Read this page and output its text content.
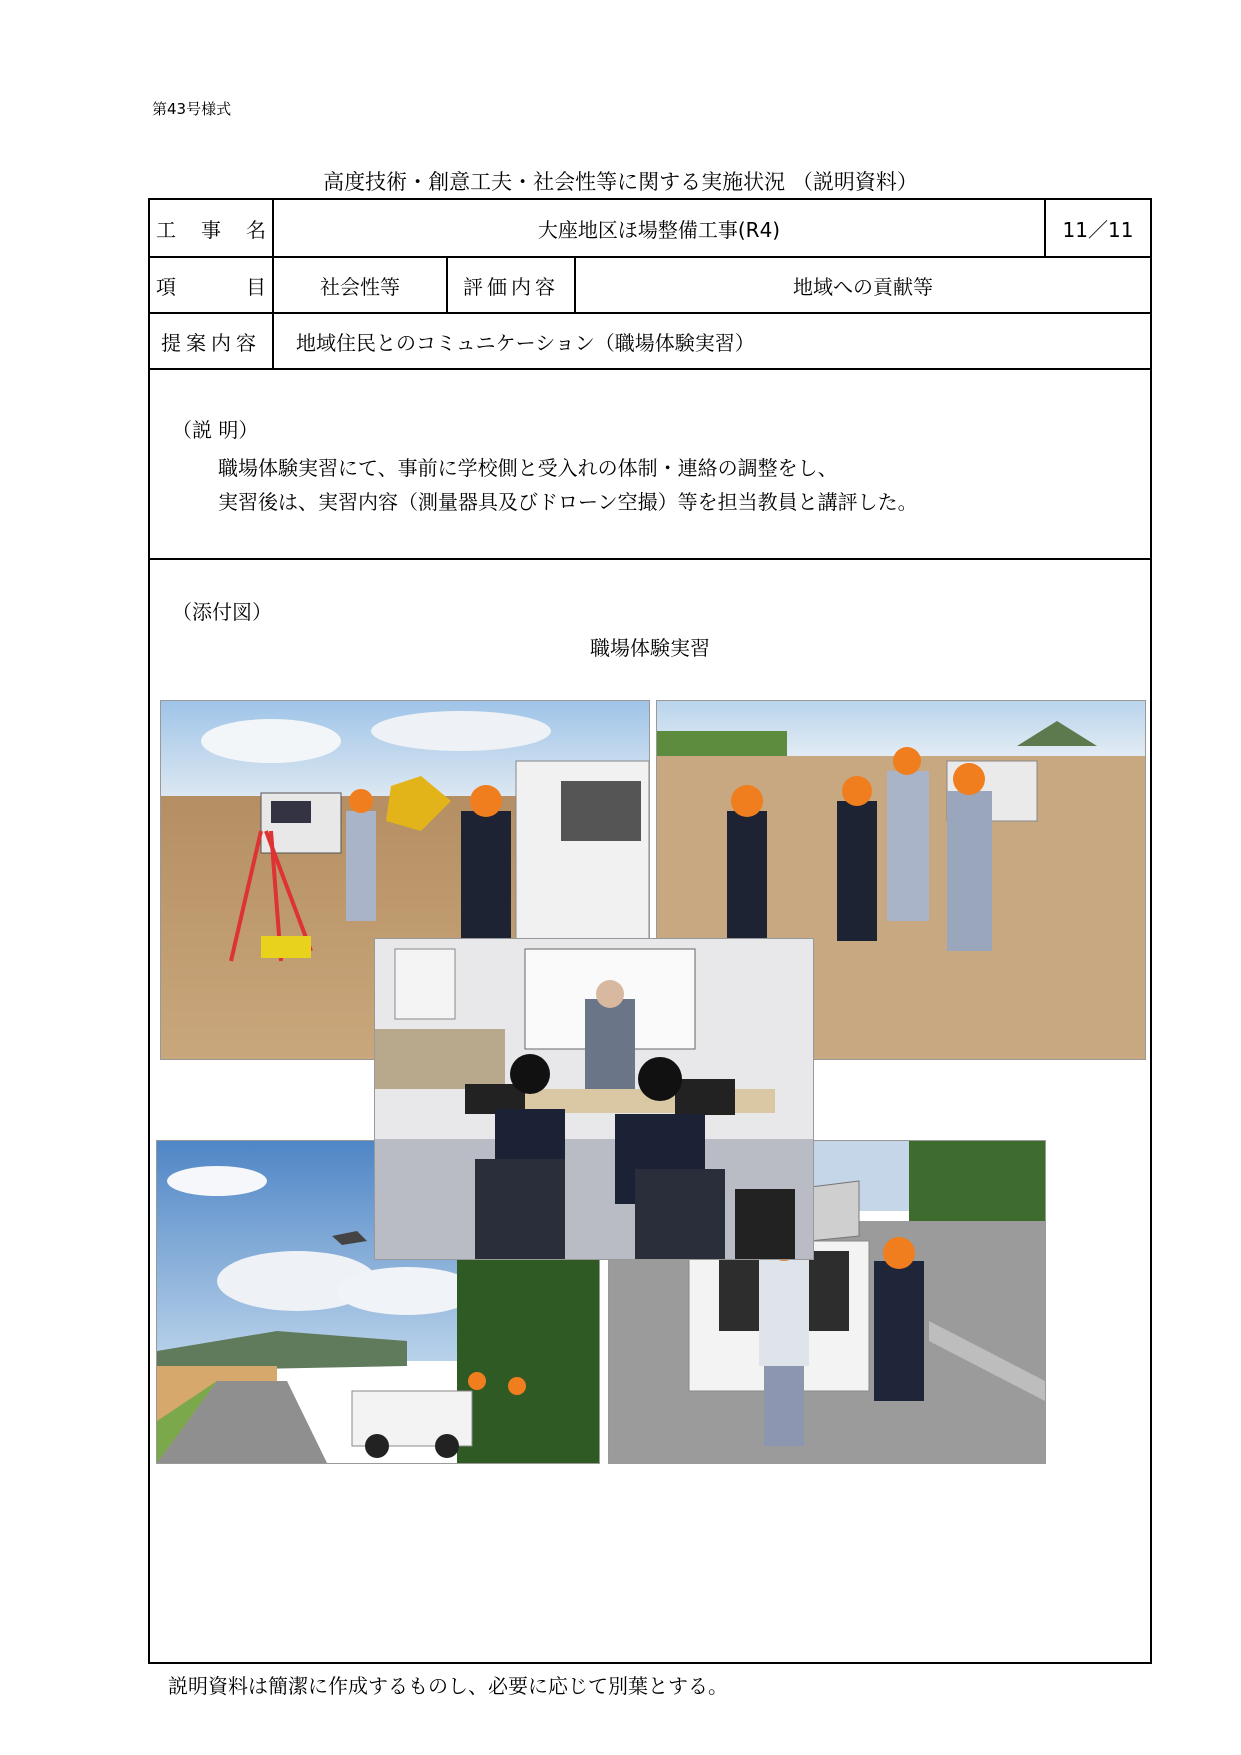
第43号様式
高度技術・創意工夫・社会性等に関する実施状況 （説明資料）
工 事 名	大座地区ほ場整備工事(R4)	11／11
項	目	社会性等	評価内容	地域への貢献等
提案内容	地域住民とのコミュニケーション（職場体験実習）
（説 明）
職場体験実習にて、事前に学校側と受入れの体制・連絡の調整をし、
実習後は、実習内容（測量器具及びドローン空撮）等を担当教員と講評した。
（添付図）
職場体験実習
説明資料は簡潔に作成するものし、必要に応じて別葉とする。
